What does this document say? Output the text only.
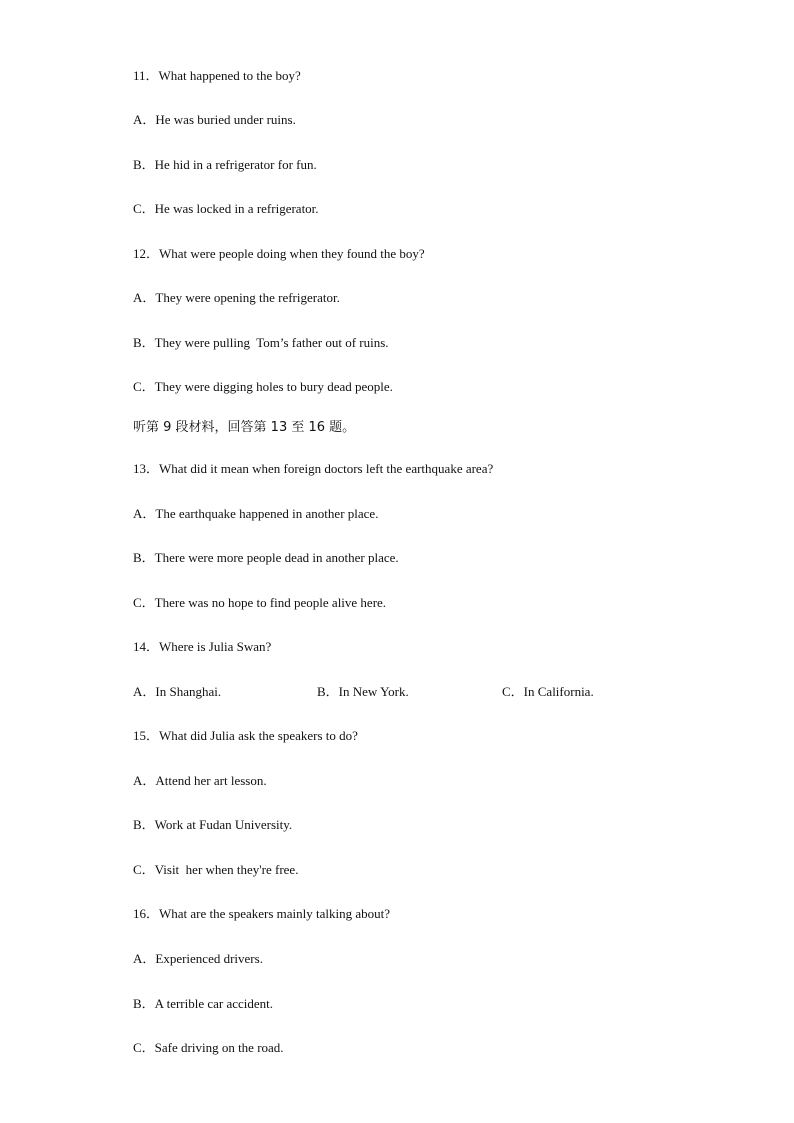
11．What happened to the boy?
A．He was buried under ruins.
B．He hid in a refrigerator for fun.
C．He was locked in a refrigerator.
12．What were people doing when they found the boy?
A．They were opening the refrigerator.
B．They were pulling  Tom’s father out of ruins.
C．They were digging holes to bury dead people.
听第 9 段材料，回答第 13 至 16 题。
13．What did it mean when foreign doctors left the earthquake area?
A．The earthquake happened in another place.
B．There were more people dead in another place.
C．There was no hope to find people alive here.
14．Where is Julia Swan?
A．In Shanghai.	B．In New York.	C．In California.
15．What did Julia ask the speakers to do?
A．Attend her art lesson.
B．Work at Fudan University.
C．Visit  her when they're free.
16．What are the speakers mainly talking about?
A．Experienced drivers.
B．A terrible car accident.
C．Safe driving on the road.
